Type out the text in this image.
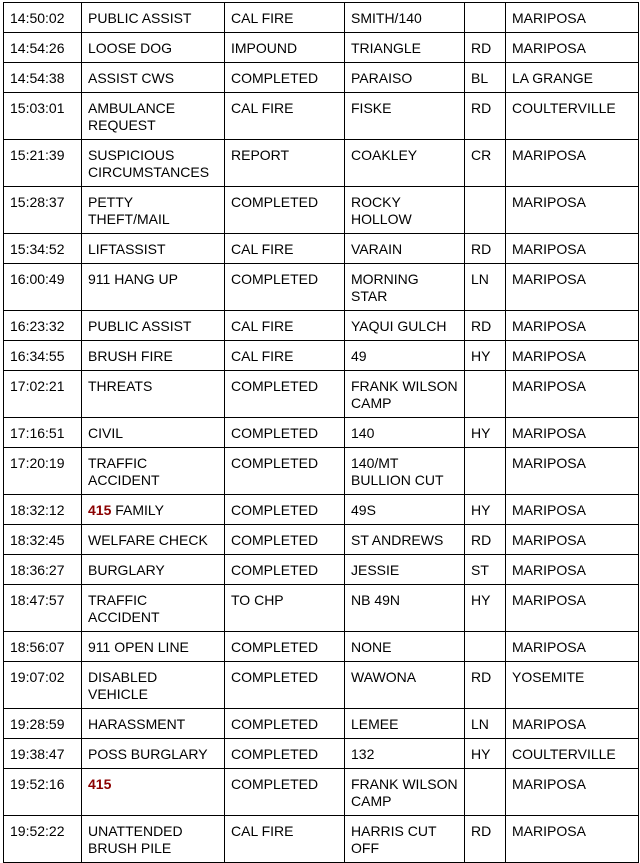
14:50:02	PUBLIC ASSIST	CAL FIRE	SMITH/140		MARIPOSA
14:54:26	LOOSE DOG	IMPOUND	TRIANGLE	RD	MARIPOSA
14:54:38	ASSIST CWS	COMPLETED	PARAISO	BL	LA GRANGE
15:03:01	AMBULANCE REQUEST	CAL FIRE	FISKE	RD	COULTERVILLE
15:21:39	SUSPICIOUS CIRCUMSTANCES	REPORT	COAKLEY	CR	MARIPOSA
15:28:37	PETTY THEFT/MAIL	COMPLETED	ROCKY HOLLOW		MARIPOSA
15:34:52	LIFTASSIST	CAL FIRE	VARAIN	RD	MARIPOSA
16:00:49	911 HANG UP	COMPLETED	MORNING STAR	LN	MARIPOSA
16:23:32	PUBLIC ASSIST	CAL FIRE	YAQUI GULCH	RD	MARIPOSA
16:34:55	BRUSH FIRE	CAL FIRE	49	HY	MARIPOSA
17:02:21	THREATS	COMPLETED	FRANK WILSON CAMP		MARIPOSA
17:16:51	CIVIL	COMPLETED	140	HY	MARIPOSA
17:20:19	TRAFFIC ACCIDENT	COMPLETED	140/MT BULLION CUT		MARIPOSA
18:32:12	415 FAMILY	COMPLETED	49S	HY	MARIPOSA
18:32:45	WELFARE CHECK	COMPLETED	ST ANDREWS	RD	MARIPOSA
18:36:27	BURGLARY	COMPLETED	JESSIE	ST	MARIPOSA
18:47:57	TRAFFIC ACCIDENT	TO CHP	NB 49N	HY	MARIPOSA
18:56:07	911 OPEN LINE	COMPLETED	NONE		MARIPOSA
19:07:02	DISABLED VEHICLE	COMPLETED	WAWONA	RD	YOSEMITE
19:28:59	HARASSMENT	COMPLETED	LEMEE	LN	MARIPOSA
19:38:47	POSS BURGLARY	COMPLETED	132	HY	COULTERVILLE
19:52:16	415	COMPLETED	FRANK WILSON CAMP		MARIPOSA
19:52:22	UNATTENDED BRUSH PILE	CAL FIRE	HARRIS CUT OFF	RD	MARIPOSA
